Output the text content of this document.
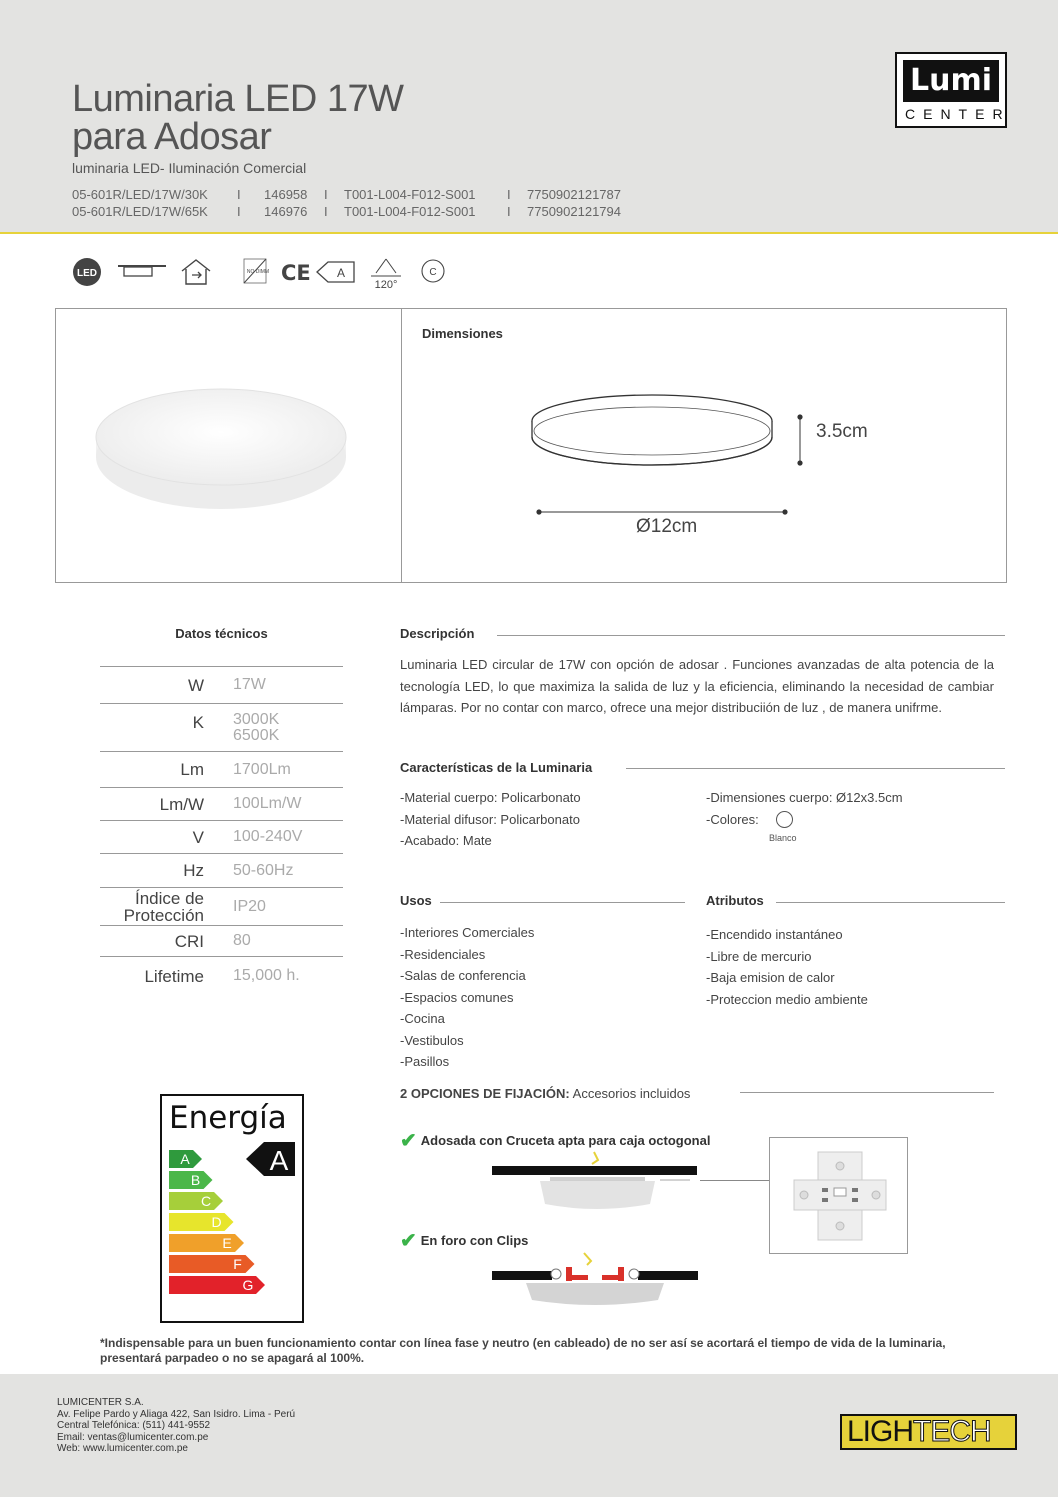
Luminaria LED 17W
para Adosar
luminaria LED- Iluminación Comercial
05-601R/LED/17W/30K	I	146958	I	T001-L004-F012-S001	I	7750902121787
05-601R/LED/17W/65K	I	146976	I	T001-L004-F012-S001	I	7750902121794
Lumi
CENTER
LED	NO DIMM CE A
120°
C
Dimensiones
3.5cm
Ø12cm
Datos técnicos
W	17W
K 3000K
6500K
Lm	1700Lm
Lm/W	100Lm/W
V	100-240V
Hz	50-60Hz
Índice de
Protección	IP20
CRI	80
Lifetime	15,000 h.
Descripción
Luminaria LED circular de 17W con opción de adosar . Funciones avanzadas de alta potencia de la tecnología LED, lo que maximiza la salida de luz y la eficiencia, eliminando la necesidad de cambiar lámparas. Por no contar con marco, ofrece una mejor distribuciión de luz , de manera unifrme.
Características de la Luminaria
-Material cuerpo: Policarbonato
-Material difusor: Policarbonato
-Acabado: Mate
-Dimensiones cuerpo: Ø12x3.5cm
-Colores:
Blanco
Usos
-Interiores Comerciales
-Residenciales
-Salas de conferencia
-Espacios comunes
-Cocina
-Vestibulos
-Pasillos
Atributos
-Encendido instantáneo
-Libre de mercurio
-Baja emision de calor
-Proteccion medio ambiente
2 OPCIONES DE FIJACIÓN: Accesorios incluidos
✔ Adosada con Cruceta apta para caja octogonal
✔ En foro con Clips
Energía
A
B
C
D
E
F
G
A
*Indispensable para un buen funcionamiento contar con línea fase y neutro (en cableado) de no ser así se acortará el tiempo de vida de la luminaria, presentará parpadeo o no se apagará al 100%.
LUMICENTER S.A.
Av. Felipe Pardo y Aliaga 422, San Isidro. Lima - Perú
Central Telefónica: (511) 441-9552
Email: ventas@lumicenter.com.pe
Web: www.lumicenter.com.pe
LIGHTECH
